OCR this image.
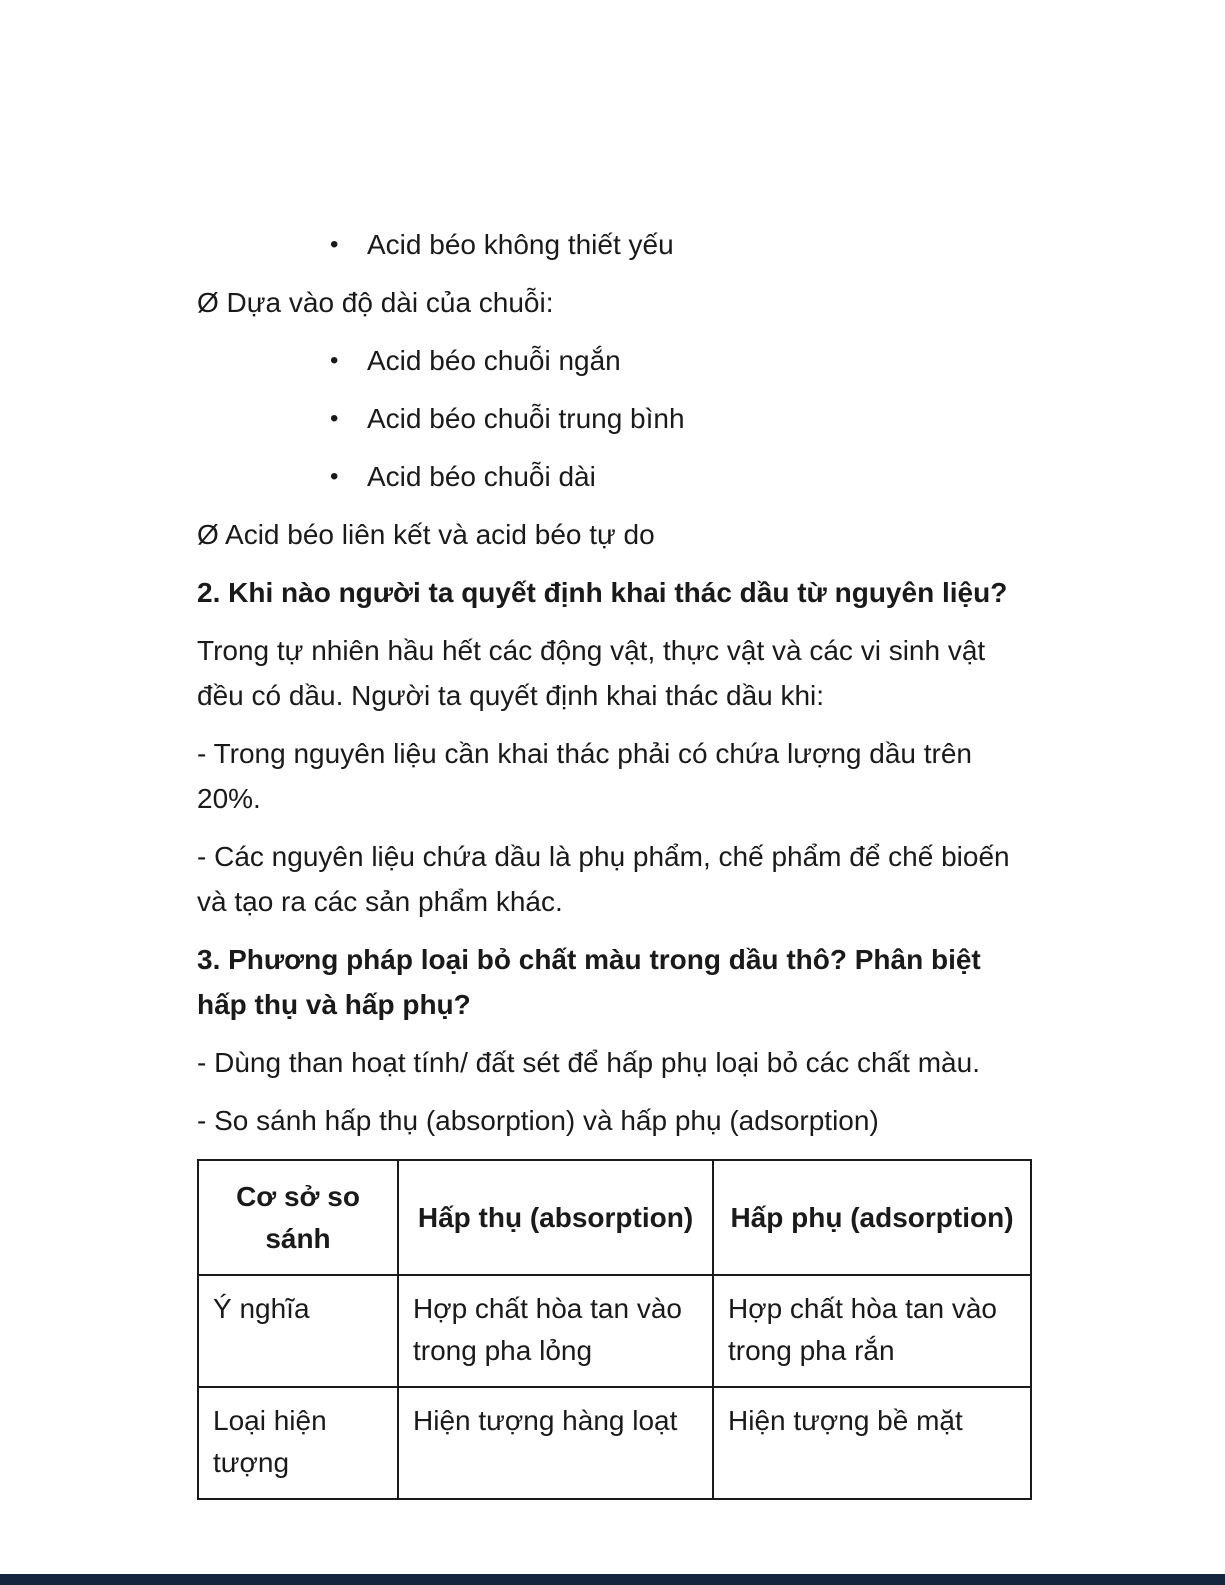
•	Acid béo không thiết yếu

Ø Dựa vào độ dài của chuỗi:

•	Acid béo chuỗi ngắn
•	Acid béo chuỗi trung bình
•	Acid béo chuỗi dài

Ø Acid béo liên kết và acid béo tự do

2. Khi nào người ta quyết định khai thác dầu từ nguyên liệu?

Trong tự nhiên hầu hết các động vật, thực vật và các vi sinh vật đều có dầu. Người ta quyết định khai thác dầu khi:

- Trong nguyên liệu cần khai thác phải có chứa lượng dầu trên 20%.

- Các nguyên liệu chứa dầu là phụ phẩm, chế phẩm để chế bioến và tạo ra các sản phẩm khác.

3. Phương pháp loại bỏ chất màu trong dầu thô? Phân biệt hấp thụ và hấp phụ?

- Dùng than hoạt tính/ đất sét để hấp phụ loại bỏ các chất màu.

- So sánh hấp thụ (absorption) và hấp phụ (adsorption)

Cơ sở so sánh	Hấp thụ (absorption)	Hấp phụ (adsorption)
Ý nghĩa	Hợp chất hòa tan vào trong pha lỏng	Hợp chất hòa tan vào trong pha rắn
Loại hiện tượng	Hiện tượng hàng loạt	Hiện tượng bề mặt
